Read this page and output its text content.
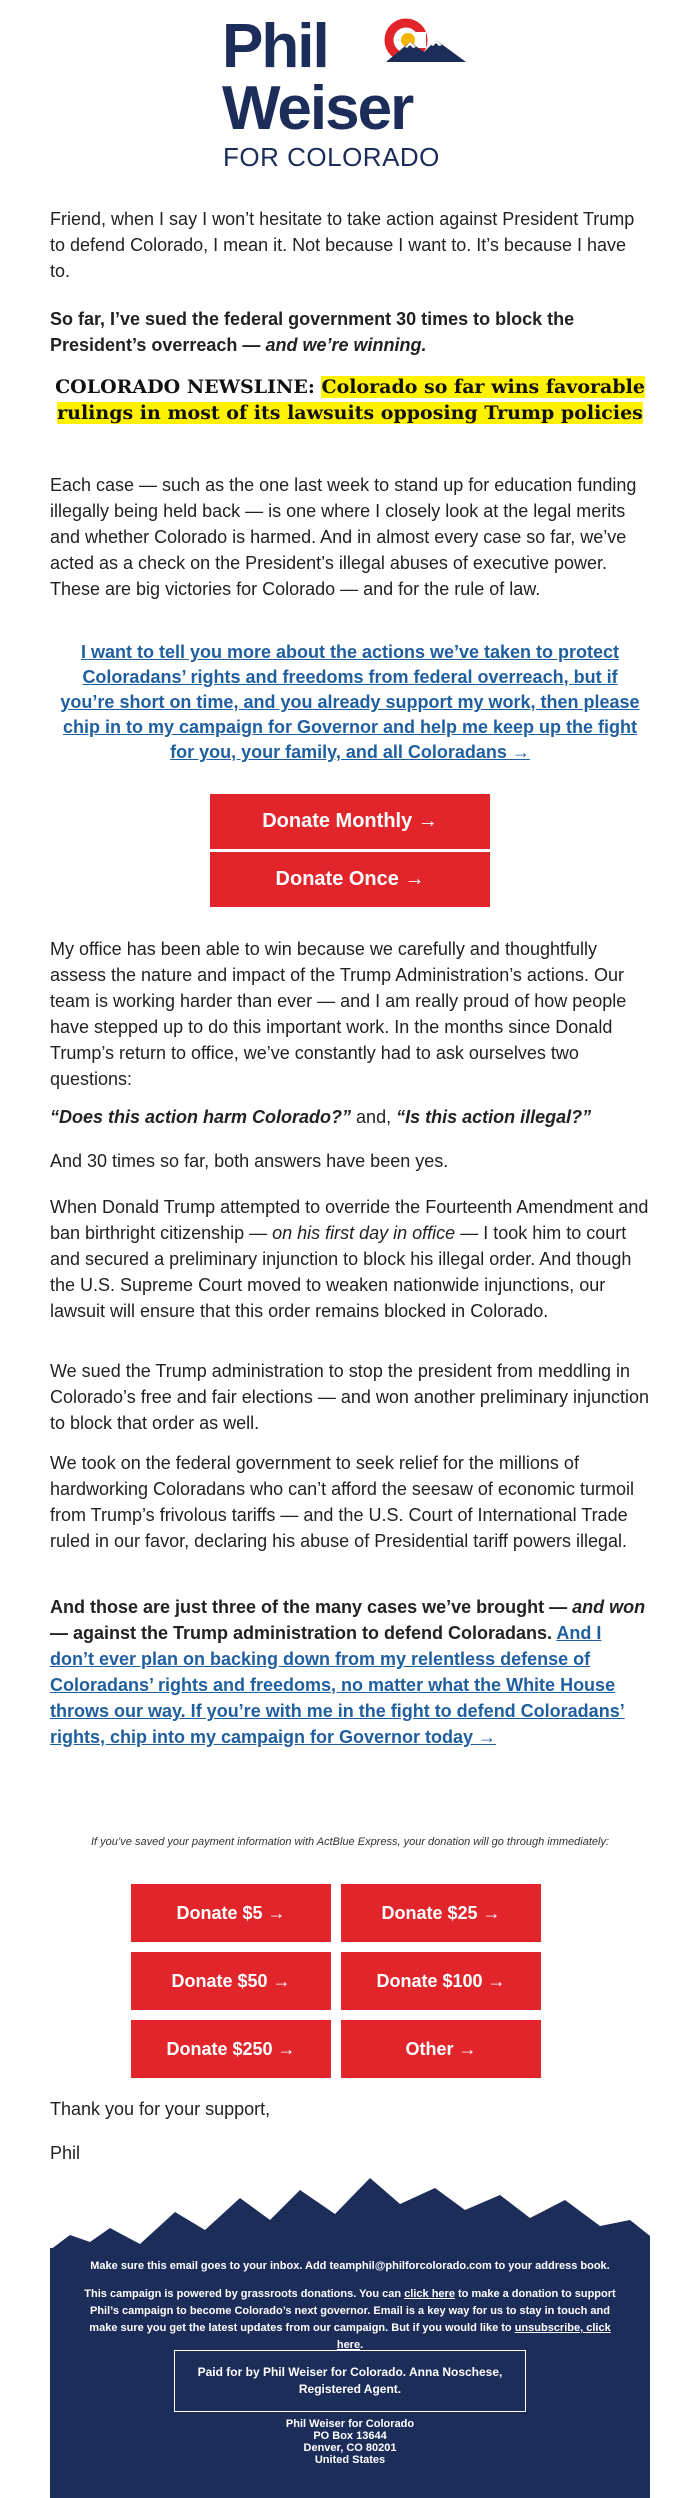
Phil
Weiser
FOR COLORADO

Friend, when I say I won’t hesitate to take action against President Trump to defend Colorado, I mean it. Not because I want to. It’s because I have to.

So far, I’ve sued the federal government 30 times to block the President’s overreach — and we’re winning.

COLORADO NEWSLINE: Colorado so far wins favorable rulings in most of its lawsuits opposing Trump policies

Each case — such as the one last week to stand up for education funding illegally being held back — is one where I closely look at the legal merits and whether Colorado is harmed. And in almost every case so far, we’ve acted as a check on the President’s illegal abuses of executive power. These are big victories for Colorado — and for the rule of law.

I want to tell you more about the actions we’ve taken to protect Coloradans’ rights and freedoms from federal overreach, but if you’re short on time, and you already support my work, then please chip in to my campaign for Governor and help me keep up the fight for you, your family, and all Coloradans →
Donate Monthly →
Donate Once →

My office has been able to win because we carefully and thoughtfully assess the nature and impact of the Trump Administration’s actions. Our team is working harder than ever — and I am really proud of how people have stepped up to do this important work. In the months since Donald Trump’s return to office, we’ve constantly had to ask ourselves two questions:

“Does this action harm Colorado?” and, “Is this action illegal?”

And 30 times so far, both answers have been yes.

When Donald Trump attempted to override the Fourteenth Amendment and ban birthright citizenship — on his first day in office — I took him to court and secured a preliminary injunction to block his illegal order. And though the U.S. Supreme Court moved to weaken nationwide injunctions, our lawsuit will ensure that this order remains blocked in Colorado.

We sued the Trump administration to stop the president from meddling in Colorado’s free and fair elections — and won another preliminary injunction to block that order as well.

We took on the federal government to seek relief for the millions of hardworking Coloradans who can’t afford the seesaw of economic turmoil from Trump’s frivolous tariffs — and the U.S. Court of International Trade ruled in our favor, declaring his abuse of Presidential tariff powers illegal.

And those are just three of the many cases we’ve brought — and won — against the Trump administration to defend Coloradans. And I don’t ever plan on backing down from my relentless defense of Coloradans’ rights and freedoms, no matter what the White House throws our way. If you’re with me in the fight to defend Coloradans’ rights, chip into my campaign for Governor today →

If you’ve saved your payment information with ActBlue Express, your donation will go through immediately:

Donate $5 →	Donate $25 →
Donate $50 →	Donate $100 →
Donate $250 →	Other →

Thank you for your support,

Phil

Make sure this email goes to your inbox. Add teamphil@philforcolorado.com to your address book.
This campaign is powered by grassroots donations. You can click here to make a donation to support Phil’s campaign to become Colorado’s next governor. Email is a key way for us to stay in touch and make sure you get the latest updates from our campaign. But if you would like to unsubscribe, click here.
Paid for by Phil Weiser for Colorado. Anna Noschese, Registered Agent.
Phil Weiser for Colorado
PO Box 13644
Denver, CO 80201
United States
